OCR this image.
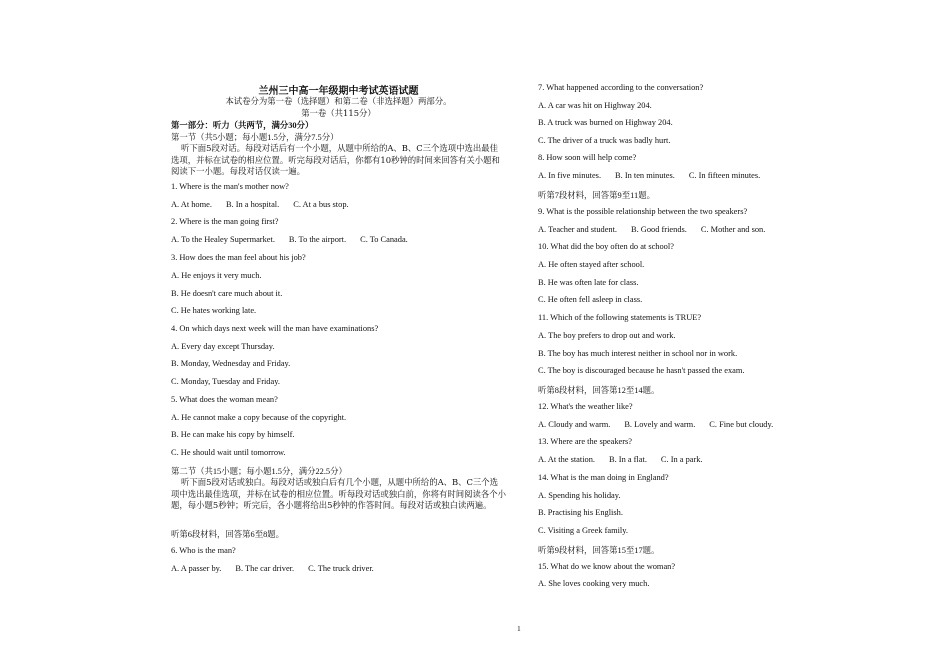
兰州三中高一年级期中考试英语试题
本试卷分为第一卷（选择题）和第二卷（非选择题）两部分。
第一卷（共115分）
第一部分：听力（共两节，满分30分）
第一节（共5小题；每小题1.5分，满分7.5分）
听下面5段对话。每段对话后有一个小题，从题中所给的A、B、C三个选项中选出最佳选项，并标在试卷的相应位置。听完每段对话后，你都有10秒钟的时间来回答有关小题和阅读下一小题。每段对话仅读一遍。
1. Where is the man's mother now?
A. At home. B. In a hospital. C. At a bus stop.
2. Where is the man going first?
A. To the Healey Supermarket. B. To the airport. C. To Canada.
3. How does the man feel about his job?
A. He enjoys it very much.
B. He doesn't care much about it.
C. He hates working late.
4. On which days next week will the man have examinations?
A. Every day except Thursday.
B. Monday, Wednesday and Friday.
C. Monday, Tuesday and Friday.
5. What does the woman mean?
A. He cannot make a copy because of the copyright.
B. He can make his copy by himself.
C. He should wait until tomorrow.
第二节（共15小题；每小题1.5分，满分22.5分）
听下面5段对话或独白。每段对话或独白后有几个小题，从题中所给的A、B、C三个选项中选出最佳选项，并标在试卷的相应位置。听每段对话或独白前，你将有时间阅读各个小题，每小题5秒钟；听完后，各小题将给出5秒钟的作答时间。每段对话或独白读两遍。
听第6段材料，回答第6至8题。
6. Who is the man?
A. A passer by. B. The car driver. C. The truck driver.
7. What happened according to the conversation?
A. A car was hit on Highway 204.
B. A truck was burned on Highway 204.
C. The driver of a truck was badly hurt.
8. How soon will help come?
A. In five minutes. B. In ten minutes. C. In fifteen minutes.
听第7段材料，回答第9至11题。
9. What is the possible relationship between the two speakers?
A. Teacher and student. B. Good friends. C. Mother and son.
10. What did the boy often do at school?
A. He often stayed after school.
B. He was often late for class.
C. He often fell asleep in class.
11. Which of the following statements is TRUE?
A. The boy prefers to drop out and work.
B. The boy has much interest neither in school nor in work.
C. The boy is discouraged because he hasn't passed the exam.
听第8段材料，回答第12至14题。
12. What's the weather like?
A. Cloudy and warm. B. Lovely and warm. C. Fine but cloudy.
13. Where are the speakers?
A. At the station. B. In a flat. C. In a park.
14. What is the man doing in England?
A. Spending his holiday.
B. Practising his English.
C. Visiting a Greek family.
听第9段材料，回答第15至17题。
15. What do we know about the woman?
A. She loves cooking very much.
1
